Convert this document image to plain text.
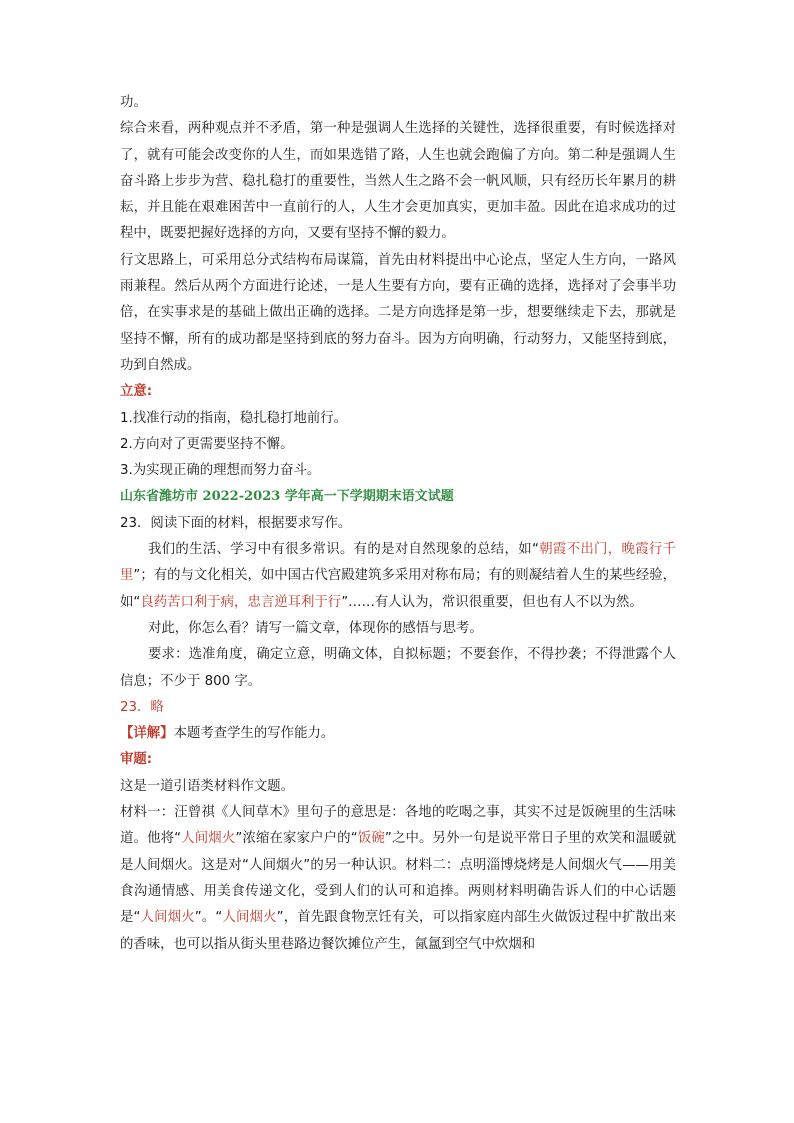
功。

综合来看，两种观点并不矛盾，第一种是强调人生选择的关键性，选择很重要，有时候选择对了，就有可能会改变你的人生，而如果选错了路，人生也就会跑偏了方向。第二种是强调人生奋斗路上步步为营、稳扎稳打的重要性，当然人生之路不会一帆风顺，只有经历长年累月的耕耘，并且能在艰难困苦中一直前行的人，人生才会更加真实，更加丰盈。因此在追求成功的过程中，既要把握好选择的方向，又要有坚持不懈的毅力。

行文思路上，可采用总分式结构布局谋篇，首先由材料提出中心论点，坚定人生方向，一路风雨兼程。然后从两个方面进行论述，一是人生要有方向，要有正确的选择，选择对了会事半功倍，在实事求是的基础上做出正确的选择。二是方向选择是第一步，想要继续走下去，那就是坚持不懈，所有的成功都是坚持到底的努力奋斗。因为方向明确，行动努力，又能坚持到底，功到自然成。

立意:

1.找准行动的指南，稳扎稳打地前行。

2.方向对了更需要坚持不懈。

3.为实现正确的理想而努力奋斗。

山东省潍坊市 2022-2023 学年高一下学期期末语文试题

23．阅读下面的材料，根据要求写作。

我们的生活、学习中有很多常识。有的是对自然现象的总结，如“朝霞不出门，晚霞行千里”；有的与文化相关，如中国古代宫殿建筑多采用对称布局；有的则凝结着人生的某些经验，如“良药苦口利于病，忠言逆耳利于行”……有人认为，常识很重要，但也有人不以为然。

对此，你怎么看？请写一篇文章，体现你的感悟与思考。

要求：选准角度，确定立意，明确文体，自拟标题；不要套作，不得抄袭；不得泄露个人信息；不少于 800 字。

23．略

【详解】本题考查学生的写作能力。

审题:

这是一道引语类材料作文题。

材料一：汪曾祺《人间草木》里句子的意思是：各地的吃喝之事，其实不过是饭碗里的生活味道。他将“人间烟火”浓缩在家家户户的“饭碗”之中。另外一句是说平常日子里的欢笑和温暖就是人间烟火。这是对“人间烟火”的另一种认识。材料二：点明淄博烧烤是人间烟火气——用美食沟通情感、用美食传递文化，受到人们的认可和追捧。两则材料明确告诉人们的中心话题是“人间烟火”。“人间烟火”，首先跟食物烹饪有关，可以指家庭内部生火做饭过程中扩散出来的香味，也可以指从街头里巷路边餐饮摊位产生，氤氲到空气中炊烟和
